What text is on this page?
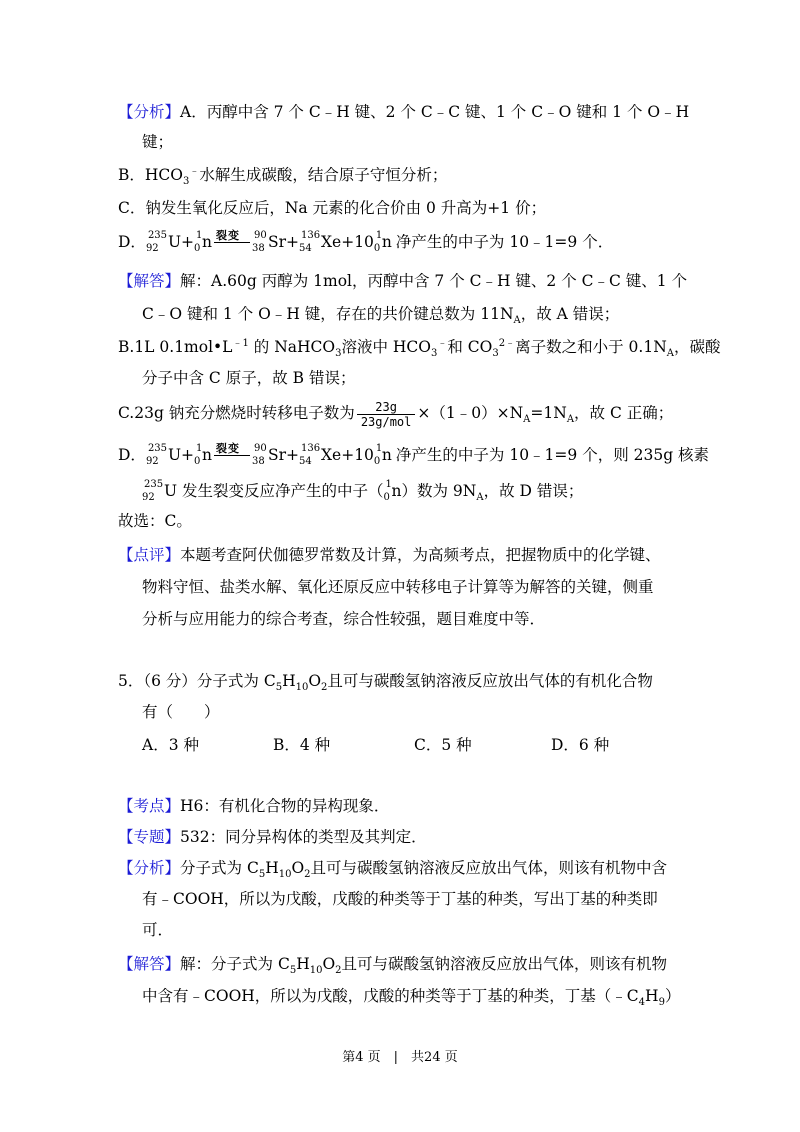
【分析】A．丙醇中含 7 个 C﹣H 键、2 个 C﹣C 键、1 个 C﹣O 键和 1 个 O﹣H
键；
B．$HCO_3^﹣$水解生成碳酸，结合原子守恒分析；
C．钠发生氧化反应后，Na 元素的化合价由 0 升高为+1 价；
D． 235
92 U+ 1
0 n 裂变 90
38 Sr+ 136
54 Xe+10 1
0 n 净产生的中子为 10﹣1=9 个．
【解答】解：A.60g 丙醇为 1mol，丙醇中含 7 个 C﹣H 键、2 个 C﹣C 键、1 个
C﹣O 键和 1 个 O﹣H 键，存在的共价键总数为 $11N_A$，故 A 错误；
B.1L $0.1mol•L^{﹣1}$ 的 NaHCO$_3$溶液中 $HCO_3^﹣$和 $CO_3^{2﹣}$离子数之和小于 $0.1N_A$，碳酸
分子中含 C 原子，故 B 错误；
C.23g 钠充分燃烧时转移电子数为 $\frac{23g}{\text{23g/mol}}$ $\times(1﹣0)\times N_A=1N_A$，故 C 正确；
D． 235
92 U+ 1
0 n 裂变 90
38 Sr+ 136
54 Xe+10 1
0 n 净产生的中子为 10﹣1=9 个，则 235g 核素
235
92 U 发生裂变反应净产生的中子（ 1
0 n）数为 $9N_A$，故 D 错误；
故选：C。
【点评】本题考查阿伏伽德罗常数及计算，为高频考点，把握物质中的化学键、
物料守恒、盐类水解、氧化还原反应中转移电子计算等为解答的关键，侧重
分析与应用能力的综合考查，综合性较强，题目难度中等．
5．（6 分）分子式为 $C_5H_{10}O_2$且可与碳酸氢钠溶液反应放出气体的有机化合物
有（　　）
A．3 种	B．4 种	C．5 种	D．6 种
【考点】H6：有机化合物的异构现象．
【专题】532：同分异构体的类型及其判定．
【分析】分子式为 $C_5H_{10}O_2$且可与碳酸氢钠溶液反应放出气体，则该有机物中含
有﹣COOH，所以为戊酸，戊酸的种类等于丁基的种类，写出丁基的种类即
可．
【解答】解：分子式为 $C_5H_{10}O_2$且可与碳酸氢钠溶液反应放出气体，则该有机物
中含有﹣COOH，所以为戊酸，戊酸的种类等于丁基的种类，丁基$(﹣C_4H_9)$
第4 页　|　共24 页
